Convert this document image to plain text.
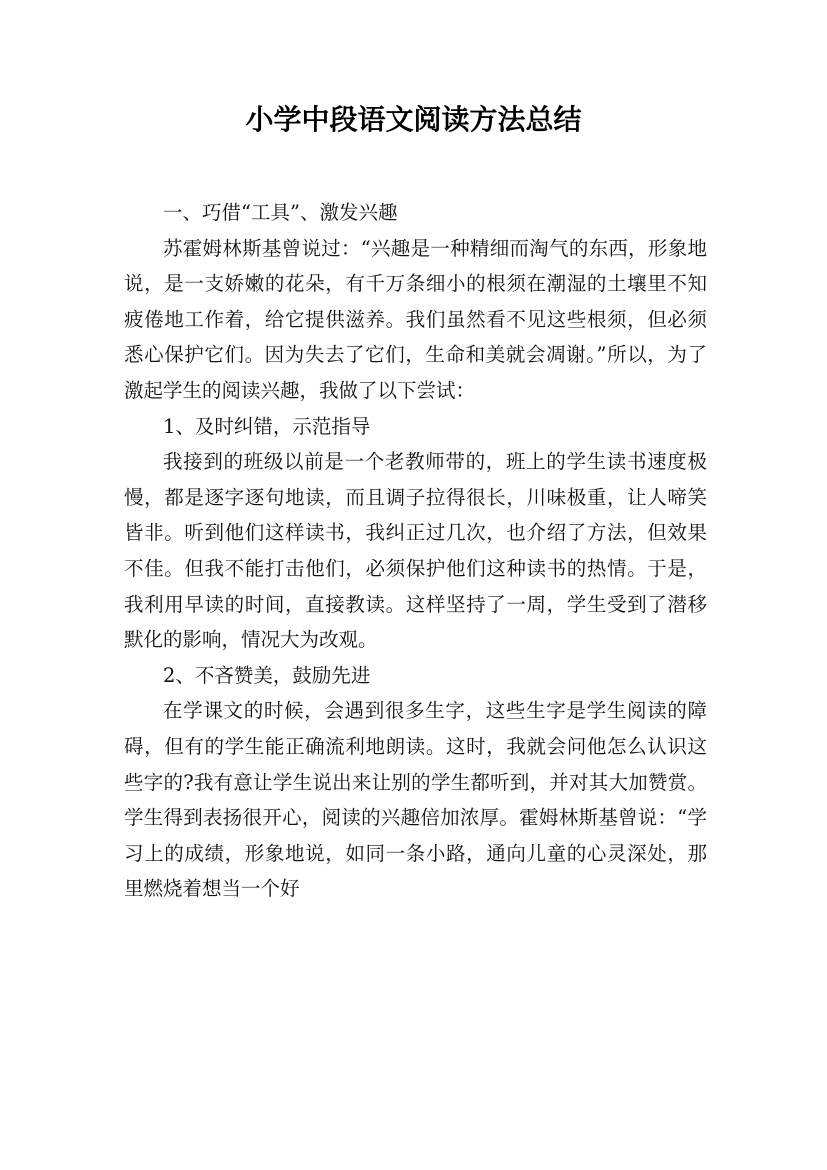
小学中段语文阅读方法总结

一、巧借“工具”、激发兴趣

苏霍姆林斯基曾说过：“兴趣是一种精细而淘气的东西，形象地说，是一支娇嫩的花朵，有千万条细小的根须在潮湿的土壤里不知疲倦地工作着，给它提供滋养。我们虽然看不见这些根须，但必须悉心保护它们。因为失去了它们，生命和美就会凋谢。”所以，为了激起学生的阅读兴趣，我做了以下尝试：

1、及时纠错，示范指导

我接到的班级以前是一个老教师带的，班上的学生读书速度极慢，都是逐字逐句地读，而且调子拉得很长，川味极重，让人啼笑皆非。听到他们这样读书，我纠正过几次，也介绍了方法，但效果不佳。但我不能打击他们，必须保护他们这种读书的热情。于是，我利用早读的时间，直接教读。这样坚持了一周，学生受到了潜移默化的影响，情况大为改观。

2、不吝赞美，鼓励先进

在学课文的时候，会遇到很多生字，这些生字是学生阅读的障碍，但有的学生能正确流利地朗读。这时，我就会问他怎么认识这些字的?我有意让学生说出来让别的学生都听到，并对其大加赞赏。学生得到表扬很开心，阅读的兴趣倍加浓厚。霍姆林斯基曾说：“学习上的成绩，形象地说，如同一条小路，通向儿童的心灵深处，那里燃烧着想当一个好
